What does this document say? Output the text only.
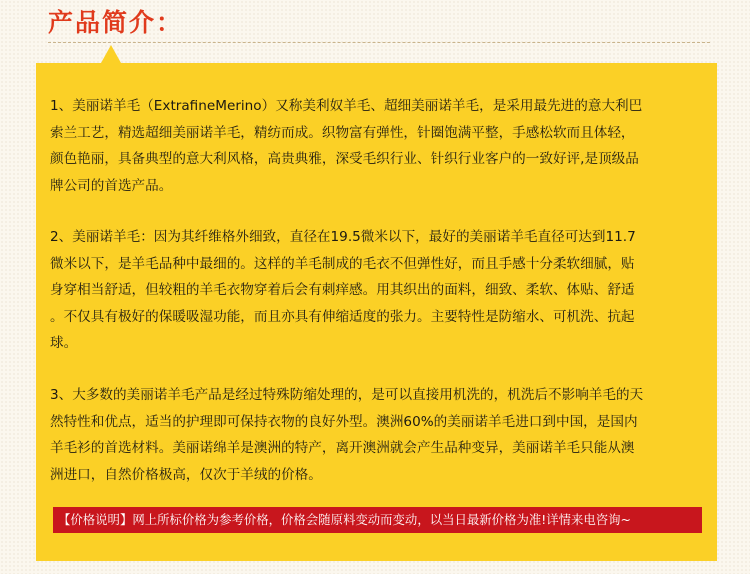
产品简介：

1、美丽诺羊毛（ExtrafineMerino）又称美利奴羊毛、超细美丽诺羊毛，是采用最先进的意大利巴
索兰工艺，精选超细美丽诺羊毛，精纺而成。织物富有弹性，针圈饱满平整，手感松软而且体轻，
颜色艳丽，具备典型的意大利风格，高贵典雅，深受毛织行业、针织行业客户的一致好评,是顶级品
牌公司的首选产品。

2、美丽诺羊毛：因为其纤维格外细致，直径在19.5微米以下，最好的美丽诺羊毛直径可达到11.7
微米以下，是羊毛品种中最细的。这样的羊毛制成的毛衣不但弹性好，而且手感十分柔软细腻，贴
身穿相当舒适，但较粗的羊毛衣物穿着后会有刺痒感。用其织出的面料，细致、柔软、体贴、舒适
。不仅具有极好的保暖吸湿功能，而且亦具有伸缩适度的张力。主要特性是防缩水、可机洗、抗起
球。

3、大多数的美丽诺羊毛产品是经过特殊防缩处理的，是可以直接用机洗的，机洗后不影响羊毛的天
然特性和优点，适当的护理即可保持衣物的良好外型。澳洲60%的美丽诺羊毛进口到中国，是国内
羊毛衫的首选材料。美丽诺绵羊是澳洲的特产，离开澳洲就会产生品种变异，美丽诺羊毛只能从澳
洲进口，自然价格极高，仅次于羊绒的价格。

【价格说明】网上所标价格为参考价格，价格会随原料变动而变动，以当日最新价格为准!详情来电咨询~
